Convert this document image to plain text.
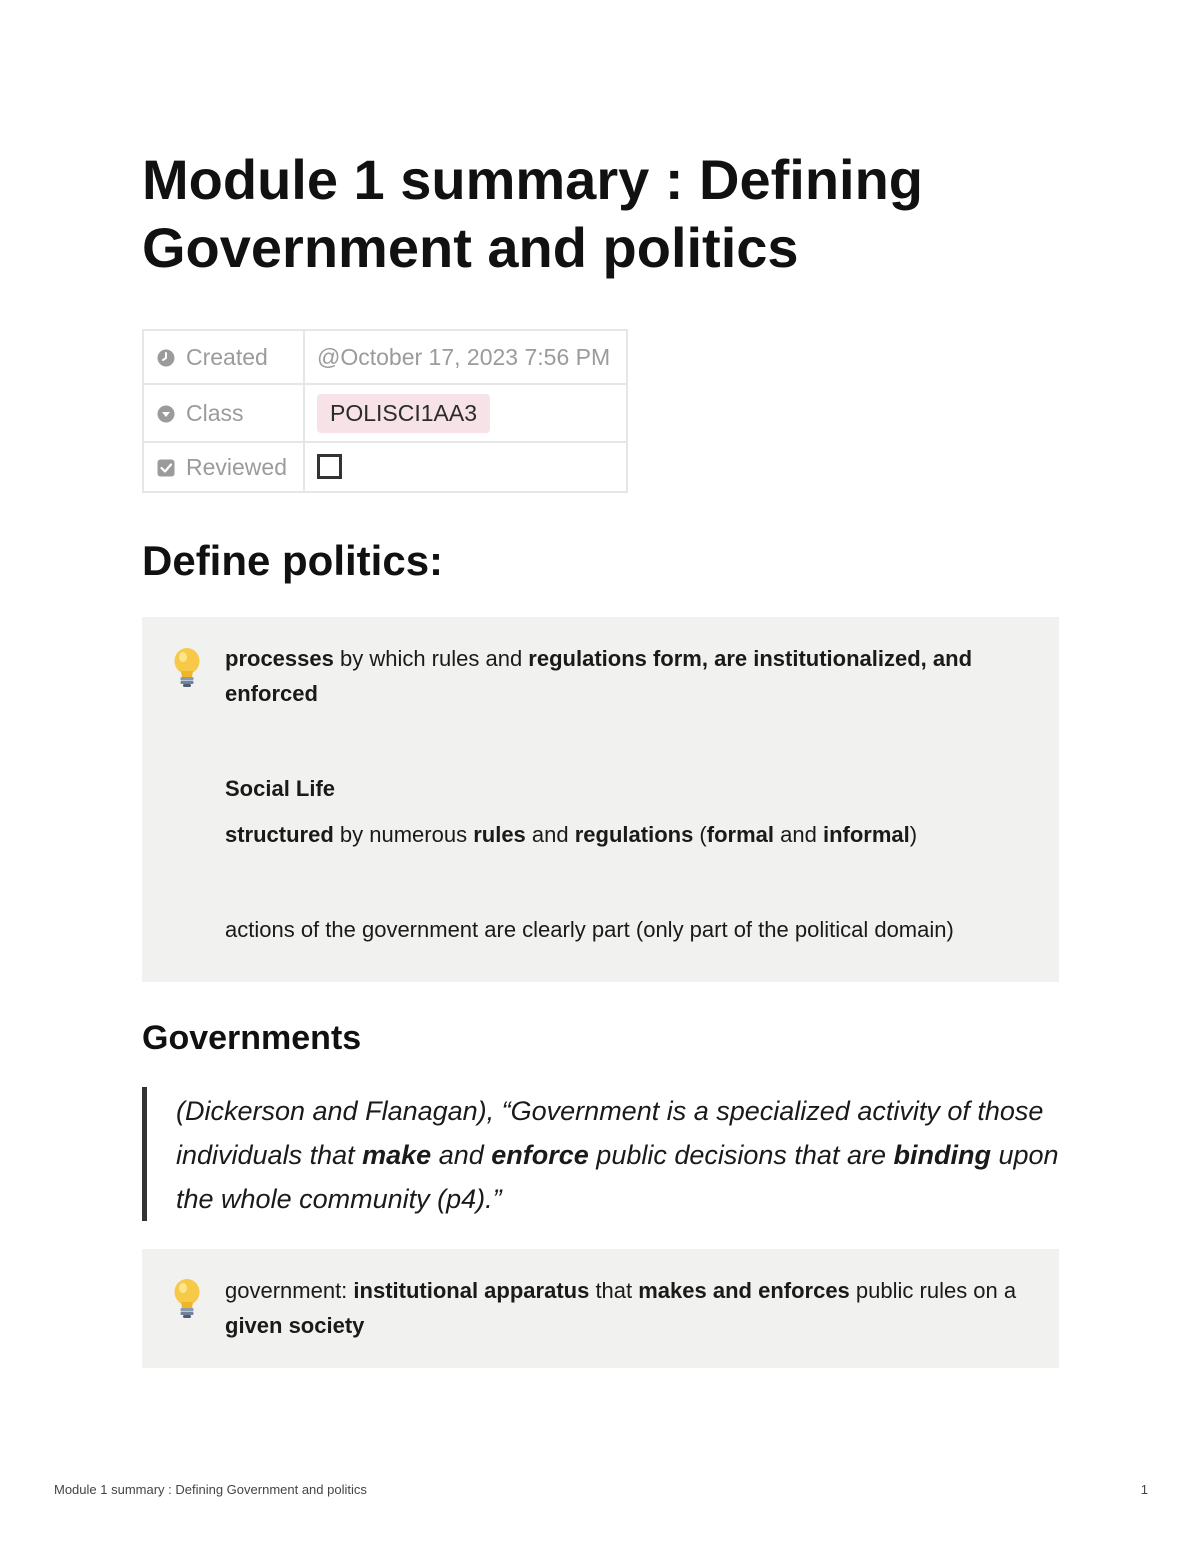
Module 1 summary : Defining Government and politics
Created	@October 17, 2023 7:56 PM
Class	POLISCI1AA3
Reviewed	
Define politics:

processes by which rules and regulations form, are institutionalized, and enforced

Social Life

structured by numerous rules and regulations (formal and informal)

actions of the government are clearly part (only part of the political domain)

Governments
(Dickerson and Flanagan), “Government is a specialized activity of those individuals that make and enforce public decisions that are binding upon the whole community (p4).”

government: institutional apparatus that makes and enforces public rules on a given society

Module 1 summary : Defining Government and politics	1
